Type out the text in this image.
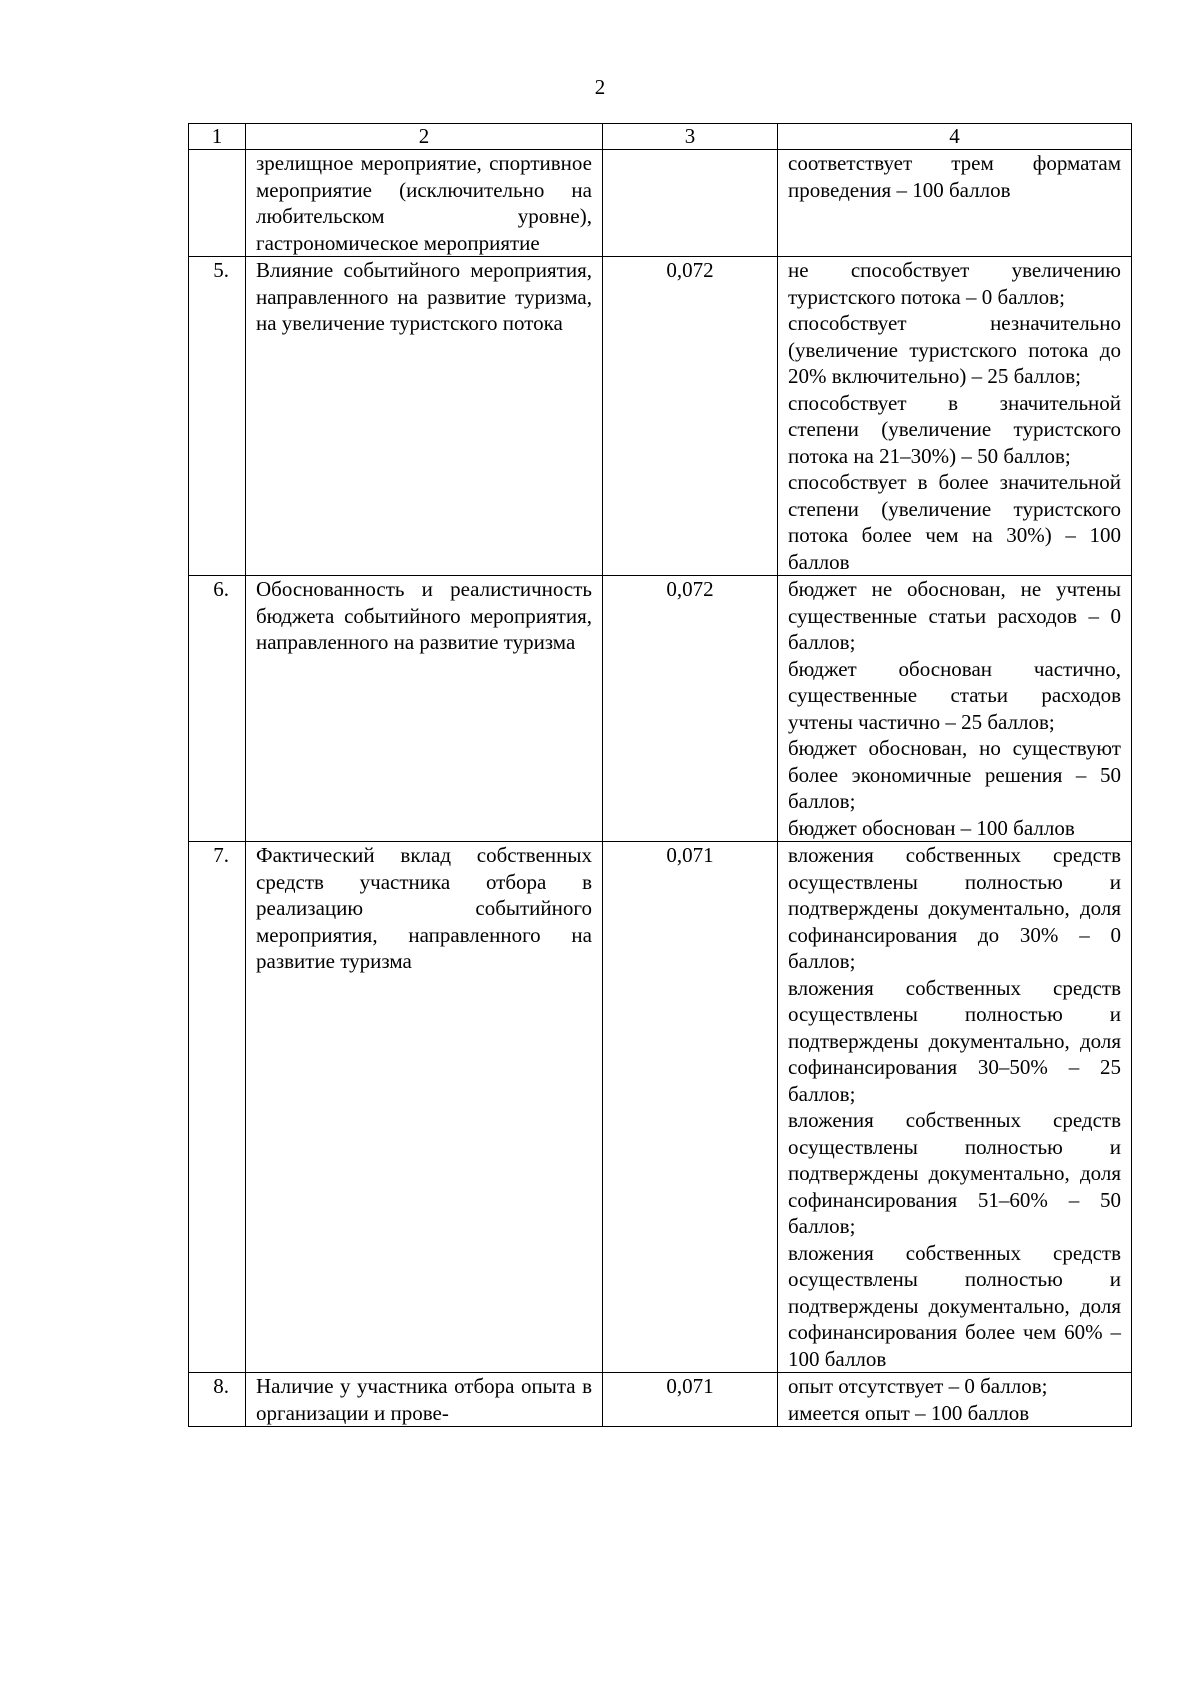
2
1	2	3	4
	зрелищное мероприятие, спортивное мероприятие (исключительно на любительском уровне), гастрономическое мероприятие		соответствует трем форматам проведения – 100 баллов

5.	Влияние событийного мероприятия, направленного на развитие туризма, на увеличение туристского потока	0,072	не способствует увеличению туристского потока – 0 баллов;
способствует незначительно (увеличение туристского потока до 20% включительно) – 25 баллов;
способствует в значительной степени (увеличение туристского потока на 21–30%) – 50 баллов;
способствует в более значительной степени (увеличение туристского потока более чем на 30%) – 100 баллов

6.	Обоснованность и реалистичность бюджета событийного мероприятия, направленного на развитие туризма	0,072	бюджет не обоснован, не учтены существенные статьи расходов – 0 баллов;
бюджет обоснован частично, существенные статьи расходов учтены частично – 25 баллов;
бюджет обоснован, но существуют более экономичные решения – 50 баллов;
бюджет обоснован – 100 баллов

7.	Фактический вклад собственных средств участника отбора в реализацию событийного мероприятия, направленного на развитие туризма	0,071	вложения собственных средств осуществлены полностью и подтверждены документально, доля софинансирования до 30% – 0 баллов;
вложения собственных средств осуществлены полностью и подтверждены документально, доля софинансирования 30–50% – 25 баллов;
вложения собственных средств осуществлены полностью и подтверждены документально, доля софинансирования 51–60% – 50 баллов;
вложения собственных средств осуществлены полностью и подтверждены документально, доля софинансирования более чем 60% – 100 баллов

8.	Наличие у участника отбора опыта в организации и прове-	0,071	опыт отсутствует – 0 баллов;
имеется опыт – 100 баллов
